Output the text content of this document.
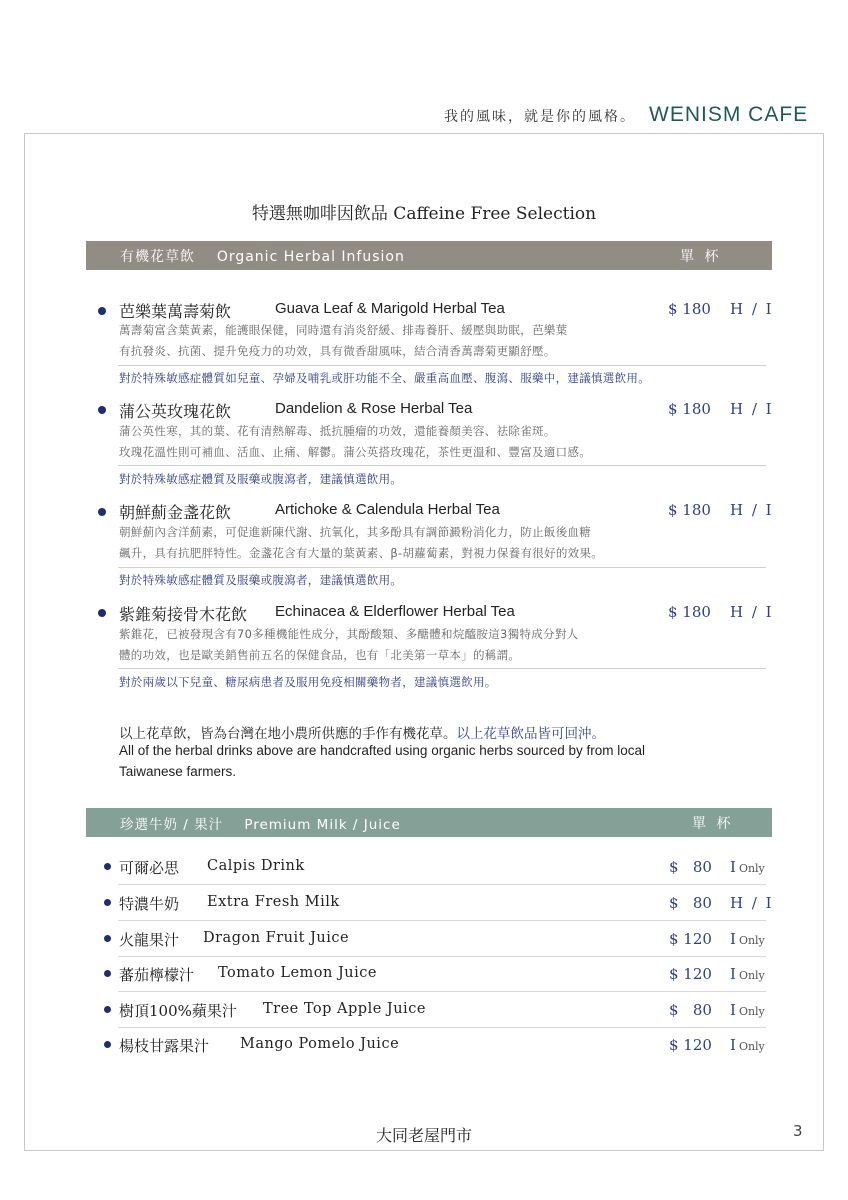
我的風味，就是你的風格。 WENISM CAFE
特選無咖啡因飲品 Caffeine Free Selection
有機花草飲 Organic Herbal Infusion	單 杯
芭樂葉萬壽菊飲	Guava Leaf & Marigold Herbal Tea	$ 180 H / I
萬壽菊富含葉黃素，能護眼保健，同時還有消炎舒緩、排毒養肝、緩壓與助眠，芭樂葉
有抗發炎、抗菌、提升免疫力的功效，具有微香甜風味，結合清香萬壽菊更顯舒壓。
對於特殊敏感症體質如兒童、孕婦及哺乳或肝功能不全、嚴重高血壓、腹瀉、服藥中，建議慎選飲用。
蒲公英玫瑰花飲	Dandelion & Rose Herbal Tea	$ 180 H / I
蒲公英性寒，其的葉、花有清熱解毒、抵抗腫瘤的功效，還能養顏美容、祛除雀斑。
玫瑰花溫性則可補血、活血、止痛、解鬱。蒲公英搭玫瑰花，茶性更溫和、豐富及適口感。
對於特殊敏感症體質及服藥或腹瀉者，建議慎選飲用。
朝鮮薊金盞花飲	Artichoke & Calendula Herbal Tea	$ 180 H / I
朝鮮薊內含洋薊素，可促進新陳代謝、抗氧化，其多酚具有調節澱粉消化力，防止飯後血糖
飆升，具有抗肥胖特性。金盞花含有大量的葉黃素、β-胡蘿蔔素，對視力保養有很好的效果。
對於特殊敏感症體質及服藥或腹瀉者，建議慎選飲用。
紫錐菊接骨木花飲 Echinacea & Elderflower Herbal Tea	$ 180 H / I
紫錐花，已被發現含有70多種機能性成分，其酚酸類、多醣體和烷醯胺這3獨特成分對人
體的功效，也是歐美銷售前五名的保健食品，也有「北美第一草本」的稱謂。
對於兩歲以下兒童、糖尿病患者及服用免疫相關藥物者，建議慎選飲用。
以上花草飲，皆為台灣在地小農所供應的手作有機花草。以上花草飲品皆可回沖。
All of the herbal drinks above are handcrafted using organic herbs sourced by from local Taiwanese farmers.
珍選牛奶 / 果汁 Premium Milk / Juice	單 杯
可爾必思 Calpis Drink	$   80 I Only
特濃牛奶 Extra Fresh Milk	$   80 H / I
火龍果汁 Dragon Fruit Juice	$ 120 I Only
蕃茄檸檬汁 Tomato Lemon Juice	$ 120 I Only
樹頂100%蘋果汁 Tree Top Apple Juice	$   80 I Only
楊枝甘露果汁 Mango Pomelo Juice	$ 120 I Only
大同老屋門市	3
